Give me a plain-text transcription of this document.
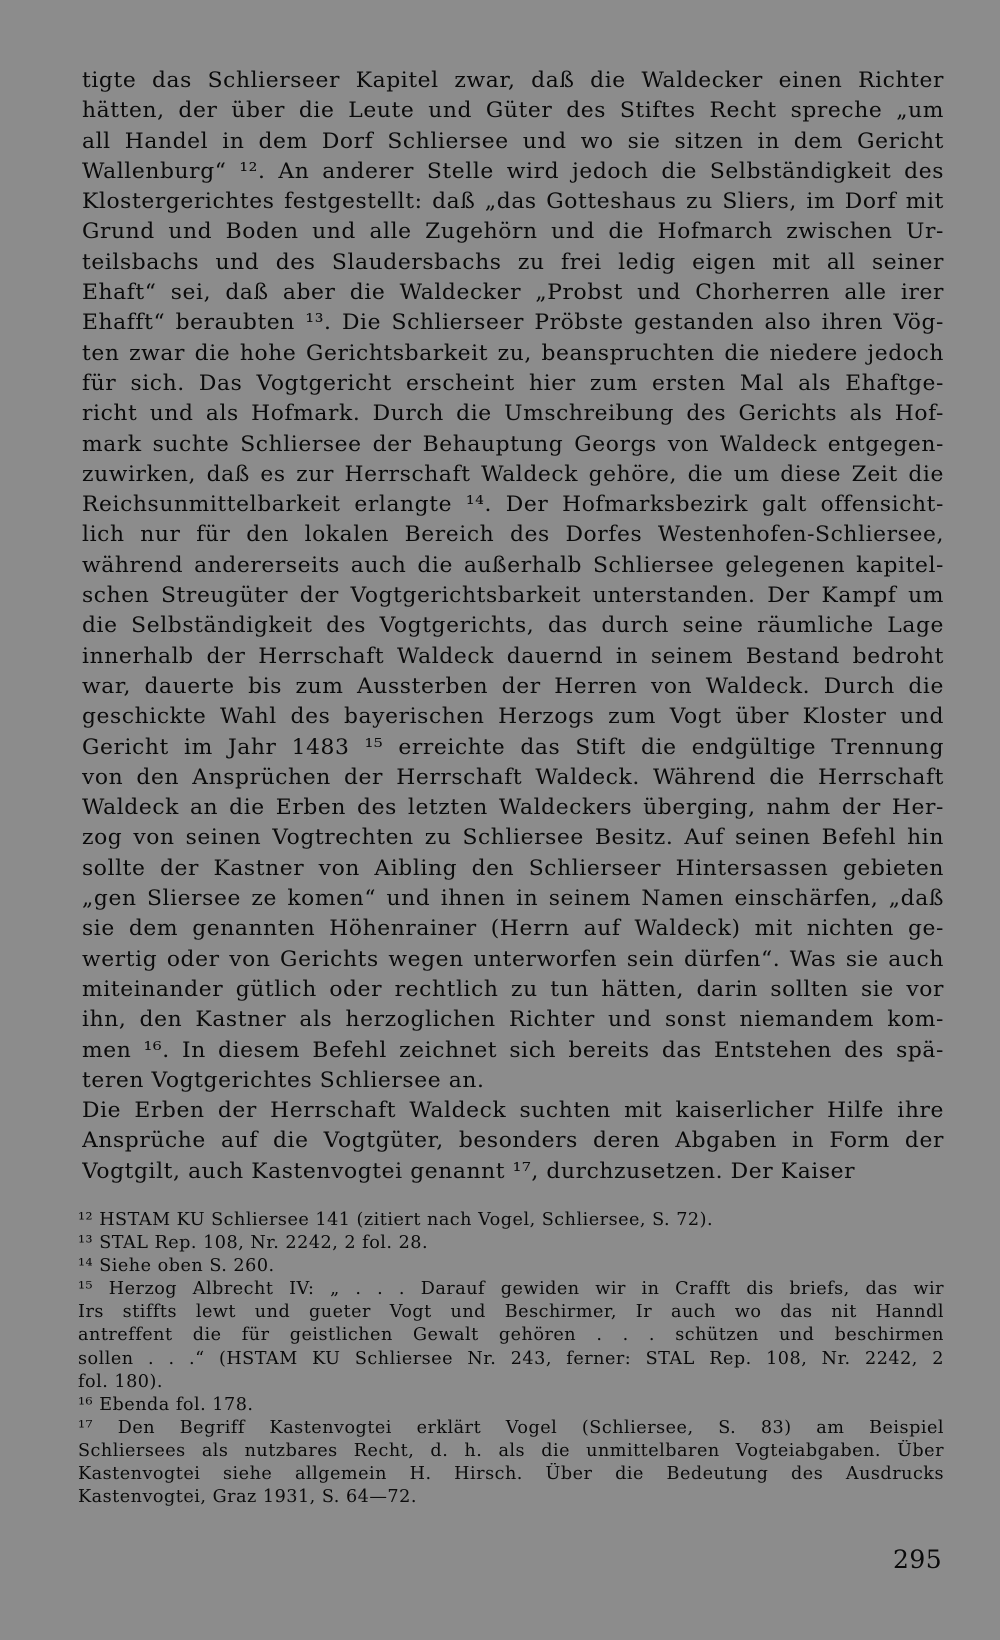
tigte das Schlierseer Kapitel zwar, daß die Waldecker einen Richter
hätten, der über die Leute und Güter des Stiftes Recht spreche „um
all Handel in dem Dorf Schliersee und wo sie sitzen in dem Gericht
Wallenburg“ ¹². An anderer Stelle wird jedoch die Selbständigkeit des
Klostergerichtes festgestellt: daß „das Gotteshaus zu Sliers, im Dorf mit
Grund und Boden und alle Zugehörn und die Hofmarch zwischen Ur-
teilsbachs und des Slaudersbachs zu frei ledig eigen mit all seiner
Ehaft“ sei, daß aber die Waldecker „Probst und Chorherren alle irer
Ehafft“ beraubten ¹³. Die Schlierseer Pröbste gestanden also ihren Vög-
ten zwar die hohe Gerichtsbarkeit zu, beanspruchten die niedere jedoch
für sich. Das Vogtgericht erscheint hier zum ersten Mal als Ehaftge-
richt und als Hofmark. Durch die Umschreibung des Gerichts als Hof-
mark suchte Schliersee der Behauptung Georgs von Waldeck entgegen-
zuwirken, daß es zur Herrschaft Waldeck gehöre, die um diese Zeit die
Reichsunmittelbarkeit erlangte ¹⁴. Der Hofmarksbezirk galt offensicht-
lich nur für den lokalen Bereich des Dorfes Westenhofen-Schliersee,
während andererseits auch die außerhalb Schliersee gelegenen kapitel-
schen Streugüter der Vogtgerichtsbarkeit unterstanden. Der Kampf um
die Selbständigkeit des Vogtgerichts, das durch seine räumliche Lage
innerhalb der Herrschaft Waldeck dauernd in seinem Bestand bedroht
war, dauerte bis zum Aussterben der Herren von Waldeck. Durch die
geschickte Wahl des bayerischen Herzogs zum Vogt über Kloster und
Gericht im Jahr 1483 ¹⁵ erreichte das Stift die endgültige Trennung
von den Ansprüchen der Herrschaft Waldeck. Während die Herrschaft
Waldeck an die Erben des letzten Waldeckers überging, nahm der Her-
zog von seinen Vogtrechten zu Schliersee Besitz. Auf seinen Befehl hin
sollte der Kastner von Aibling den Schlierseer Hintersassen gebieten
„gen Sliersee ze komen“ und ihnen in seinem Namen einschärfen, „daß
sie dem genannten Höhenrainer (Herrn auf Waldeck) mit nichten ge-
wertig oder von Gerichts wegen unterworfen sein dürfen“. Was sie auch
miteinander gütlich oder rechtlich zu tun hätten, darin sollten sie vor
ihn, den Kastner als herzoglichen Richter und sonst niemandem kom-
men ¹⁶. In diesem Befehl zeichnet sich bereits das Entstehen des spä-
teren Vogtgerichtes Schliersee an.
Die Erben der Herrschaft Waldeck suchten mit kaiserlicher Hilfe ihre
Ansprüche auf die Vogtgüter, besonders deren Abgaben in Form der
Vogtgilt, auch Kastenvogtei genannt ¹⁷, durchzusetzen. Der Kaiser
¹² HSTAM KU Schliersee 141 (zitiert nach Vogel, Schliersee, S. 72).
¹³ STAL Rep. 108, Nr. 2242, 2 fol. 28.
¹⁴ Siehe oben S. 260.
¹⁵ Herzog Albrecht IV: „ . . . Darauf gewiden wir in Crafft dis briefs, das wir
Irs stiffts lewt und gueter Vogt und Beschirmer, Ir auch wo das nit Hanndl
antreffent die für geistlichen Gewalt gehören . . . schützen und beschirmen
sollen . . .“ (HSTAM KU Schliersee Nr. 243, ferner: STAL Rep. 108, Nr. 2242, 2
fol. 180).
¹⁶ Ebenda fol. 178.
¹⁷ Den Begriff Kastenvogtei erklärt Vogel (Schliersee, S. 83) am Beispiel
Schliersees als nutzbares Recht, d. h. als die unmittelbaren Vogteiabgaben. Über
Kastenvogtei siehe allgemein H. Hirsch. Über die Bedeutung des Ausdrucks
Kastenvogtei, Graz 1931, S. 64—72.
295
